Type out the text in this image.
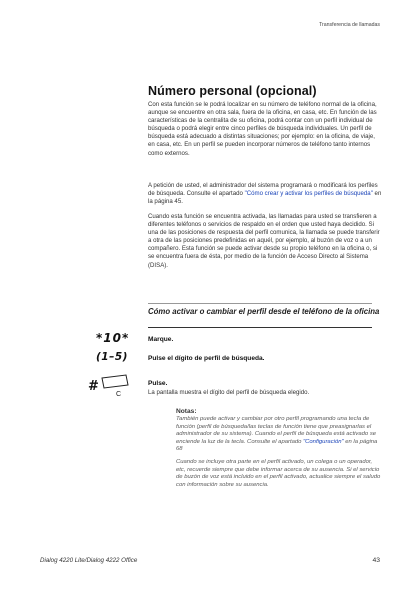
Transferencia de llamadas
Número personal (opcional)
Con esta función se le podrá localizar en su número de teléfono normal de la oficina, aunque se encuentre en otra sala, fuera de la oficina, en casa, etc. En función de las características de la centralita de su oficina, podrá contar con un perfil individual de búsqueda o podrá elegir entre cinco perfiles de búsqueda individuales. Un perfil de búsqueda está adecuado a distintas situaciones; por ejemplo: en la oficina, de viaje, en casa, etc. En un perfil se pueden incorporar números de teléfono tanto internos como externos.
A petición de usted, el administrador del sistema programará o modificará los perfiles de búsqueda. Consulte el apartado "Cómo crear y activar los perfiles de búsqueda" en la página 45.
Cuando esta función se encuentra activada, las llamadas para usted se transfieren a diferentes teléfonos o servicios de respaldo en el orden que usted haya decidido. Si una de las posiciones de respuesta del perfil comunica, la llamada se puede transferir a otra de las posiciones predefinidas en aquél, por ejemplo, al buzón de voz o a un compañero. Esta función se puede activar desde su propio teléfono en la oficina o, si se encuentra fuera de ésta, por medio de la función de Acceso Directo al Sistema (DISA).
Cómo activar o cambiar el perfil desde el teléfono de la oficina
*10*	Marque.
(1–5)	Pulse el dígito de perfil de búsqueda.
#
C
Pulse.
La pantalla muestra el dígito del perfil de búsqueda elegido.
Notas:

También puede activar y cambiar por otro perfil programando una tecla de función (perfil de búsqueda/las teclas de función tiene que preasignarlas el administrador de su sistema). Cuando el perfil de búsqueda está activado se enciende la luz de la tecla. Consulte el apartado "Configuración" en la página 68

Cuando se incluye otra parte en el perfil activado, un colega o un operador, etc, recuerde siempre que debe informar acerca de su ausencia. Si el servicio de buzón de voz está incluido en el perfil activado, actualice siempre el saludo con información sobre su ausencia.

Dialog 4220 Lite/Dialog 4222 Office	43
